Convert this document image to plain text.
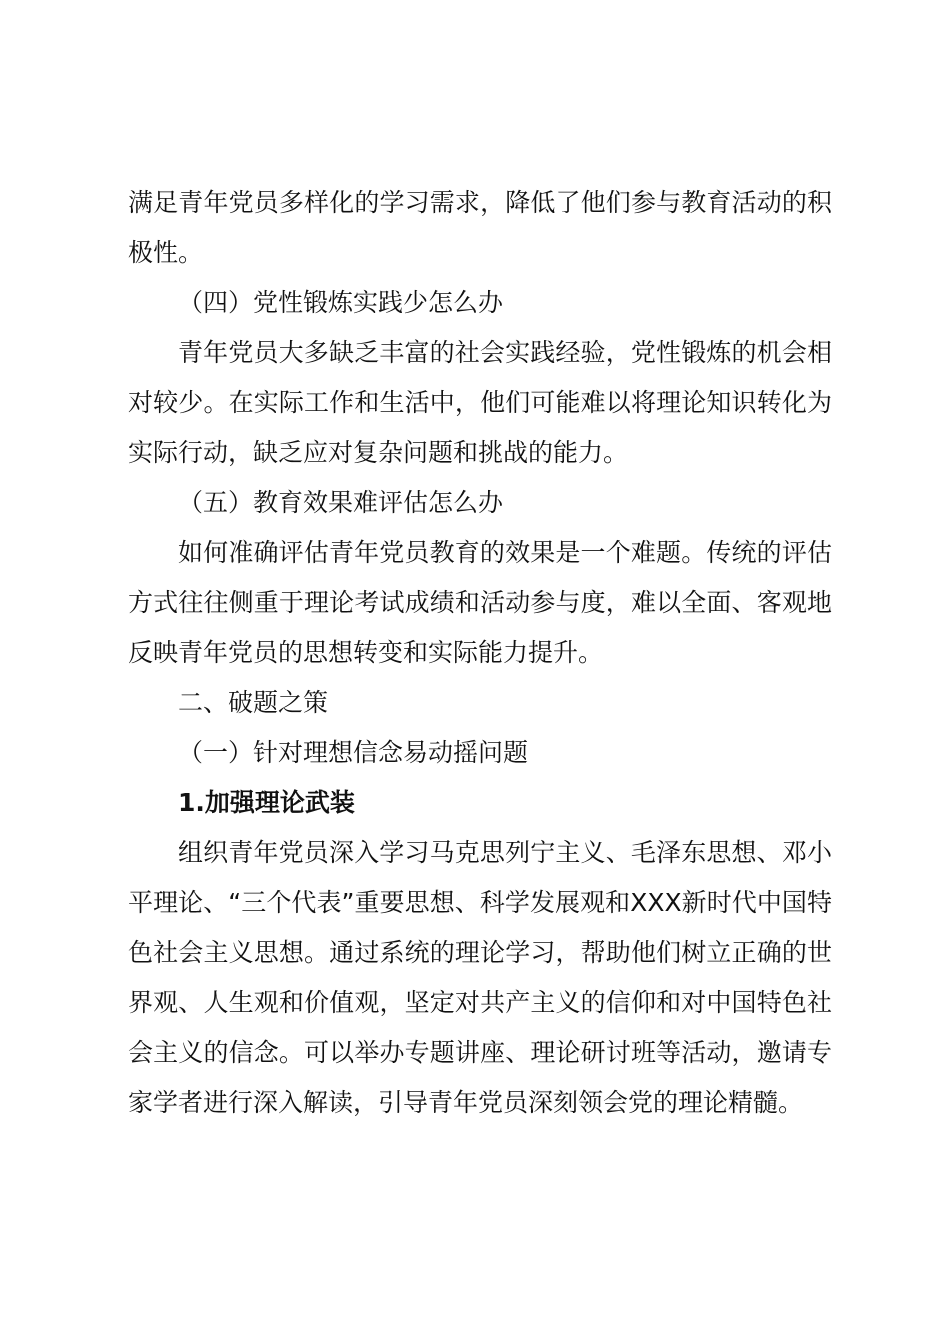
满足青年党员多样化的学习需求，降低了他们参与教育活动的积极性。

（四）党性锻炼实践少怎么办

青年党员大多缺乏丰富的社会实践经验，党性锻炼的机会相对较少。在实际工作和生活中，他们可能难以将理论知识转化为实际行动，缺乏应对复杂问题和挑战的能力。

（五）教育效果难评估怎么办

如何准确评估青年党员教育的效果是一个难题。传统的评估方式往往侧重于理论考试成绩和活动参与度，难以全面、客观地反映青年党员的思想转变和实际能力提升。

二、破题之策

（一）针对理想信念易动摇问题

1.加强理论武装

组织青年党员深入学习马克思列宁主义、毛泽东思想、邓小平理论、“三个代表”重要思想、科学发展观和XXX新时代中国特色社会主义思想。通过系统的理论学习，帮助他们树立正确的世界观、人生观和价值观，坚定对共产主义的信仰和对中国特色社会主义的信念。可以举办专题讲座、理论研讨班等活动，邀请专家学者进行深入解读，引导青年党员深刻领会党的理论精髓。
